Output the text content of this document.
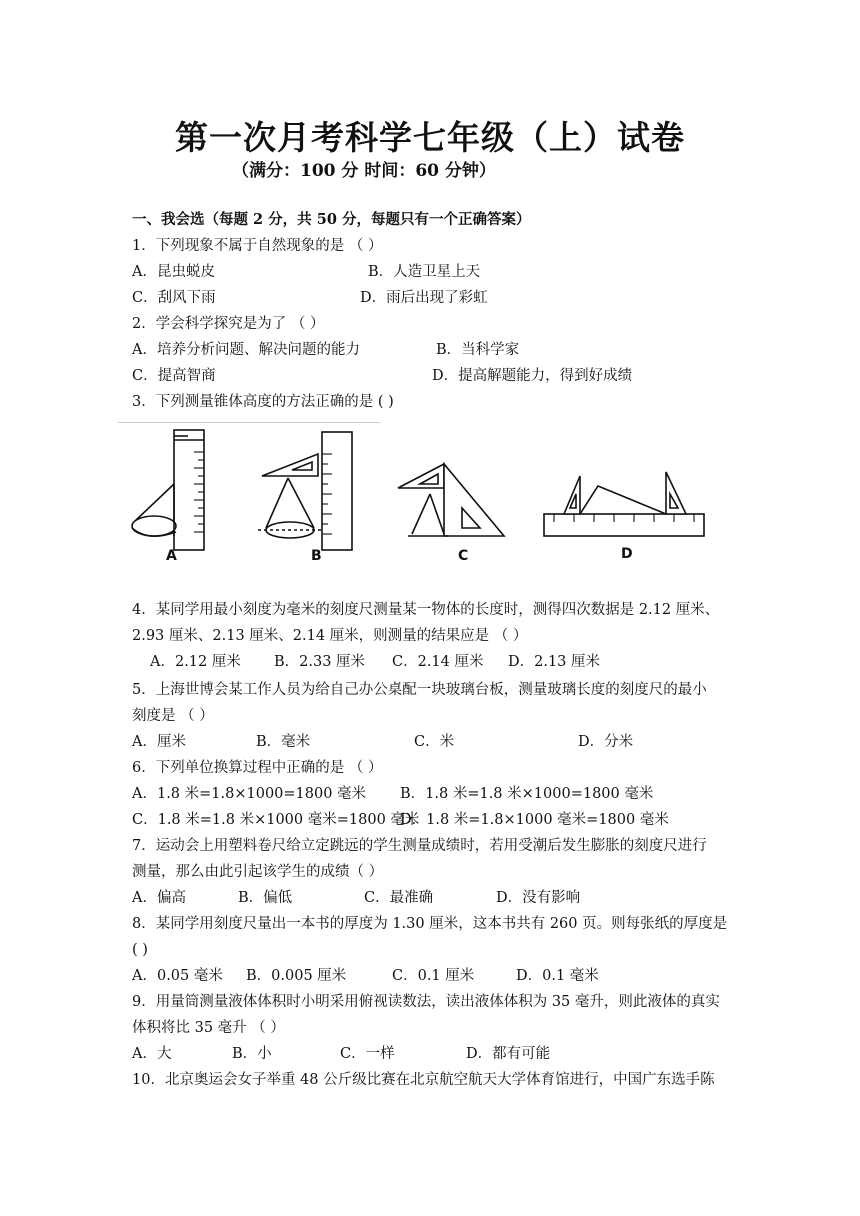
第一次月考科学七年级（上）试卷
（满分：100 分 时间：60 分钟）
一、我会选（每题 2 分，共 50 分，每题只有一个正确答案）
1．下列现象不属于自然现象的是 （ ）
A．昆虫蜕皮	B．人造卫星上天
C．刮风下雨	D．雨后出现了彩虹
2．学会科学探究是为了 （ ）
A．培养分析问题、解决问题的能力	B．当科学家
C．提高智商	D．提高解题能力，得到好成绩
3．下列测量锥体高度的方法正确的是 ( )
A	B	C	D
4．某同学用最小刻度为毫米的刻度尺测量某一物体的长度时，测得四次数据是 2.12 厘米、
2.93 厘米、2.13 厘米、2.14 厘米，则测量的结果应是 （ ）
A．2.12 厘米 B．2.33 厘米 C．2.14 厘米 D．2.13 厘米
5．上海世博会某工作人员为给自己办公桌配一块玻璃台板，测量玻璃长度的刻度尺的最小
刻度是 （ ）
A．厘米	B．毫米	C．米	D．分米
6．下列单位换算过程中正确的是 （ ）
A．1.8 米=1.8×1000=1800 毫米 B．1.8 米=1.8 米×1000=1800 毫米
C．1.8 米=1.8 米×1000 毫米=1800 毫米
D．1.8 米=1.8×1000 毫米=1800 毫米
7．运动会上用塑料卷尺给立定跳远的学生测量成绩时，若用受潮后发生膨胀的刻度尺进行
测量，那么由此引起该学生的成绩（ ）
A．偏高	B．偏低	C．最准确	D．没有影响
8．某同学用刻度尺量出一本书的厚度为 1.30 厘米，这本书共有 260 页。则每张纸的厚度是
( )
A．0.05 毫米 B．0.005 厘米	C．0.1 厘米	D．0.1 毫米
9．用量筒测量液体体积时小明采用俯视读数法，读出液体体积为 35 毫升，则此液体的真实
体积将比 35 毫升 （ ）
A．大	B．小	C．一样	D．都有可能
10．北京奥运会女子举重 48 公斤级比赛在北京航空航天大学体育馆进行，中国广东选手陈
